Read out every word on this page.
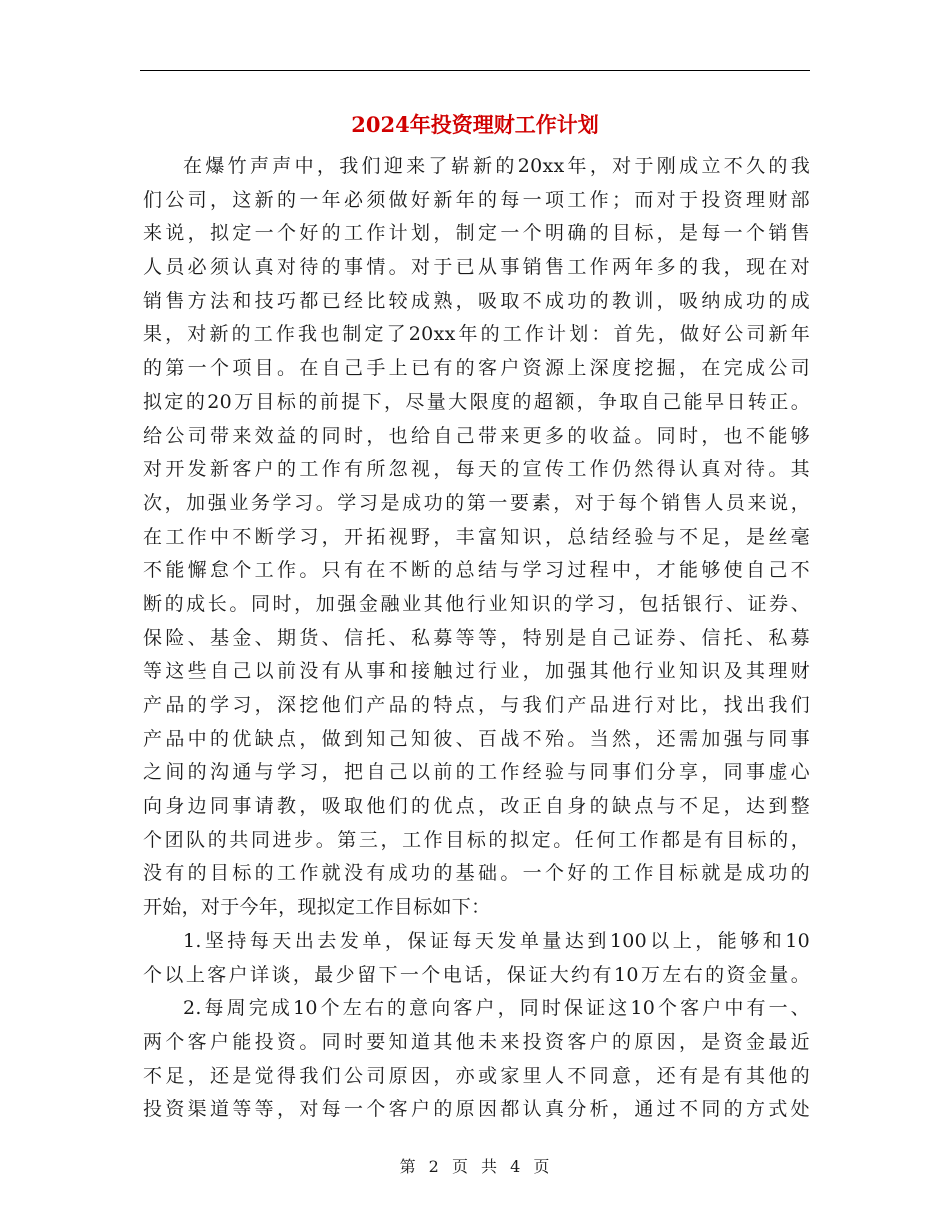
2024年投资理财工作计划
在爆竹声声中，我们迎来了崭新的20xx年，对于刚成立不久的我
们公司，这新的一年必须做好新年的每一项工作；而对于投资理财部
来说，拟定一个好的工作计划，制定一个明确的目标，是每一个销售
人员必须认真对待的事情。对于已从事销售工作两年多的我，现在对
销售方法和技巧都已经比较成熟，吸取不成功的教训，吸纳成功的成
果，对新的工作我也制定了20xx年的工作计划：首先，做好公司新年
的第一个项目。在自己手上已有的客户资源上深度挖掘，在完成公司
拟定的20万目标的前提下，尽量大限度的超额，争取自己能早日转正。
给公司带来效益的同时，也给自己带来更多的收益。同时，也不能够
对开发新客户的工作有所忽视，每天的宣传工作仍然得认真对待。其
次，加强业务学习。学习是成功的第一要素，对于每个销售人员来说，
在工作中不断学习，开拓视野，丰富知识，总结经验与不足，是丝毫
不能懈怠个工作。只有在不断的总结与学习过程中，才能够使自己不
断的成长。同时，加强金融业其他行业知识的学习，包括银行、证券、
保险、基金、期货、信托、私募等等，特别是自己证券、信托、私募
等这些自己以前没有从事和接触过行业，加强其他行业知识及其理财
产品的学习，深挖他们产品的特点，与我们产品进行对比，找出我们
产品中的优缺点，做到知己知彼、百战不殆。当然，还需加强与同事
之间的沟通与学习，把自己以前的工作经验与同事们分享，同事虚心
向身边同事请教，吸取他们的优点，改正自身的缺点与不足，达到整
个团队的共同进步。第三，工作目标的拟定。任何工作都是有目标的，
没有的目标的工作就没有成功的基础。一个好的工作目标就是成功的
开始，对于今年，现拟定工作目标如下：
1.坚持每天出去发单，保证每天发单量达到100以上，能够和10
个以上客户详谈，最少留下一个电话，保证大约有10万左右的资金量。
2.每周完成10个左右的意向客户，同时保证这10个客户中有一、
两个客户能投资。同时要知道其他未来投资客户的原因，是资金最近
不足，还是觉得我们公司原因，亦或家里人不同意，还有是有其他的
投资渠道等等，对每一个客户的原因都认真分析，通过不同的方式处
第 2 页 共 4 页
